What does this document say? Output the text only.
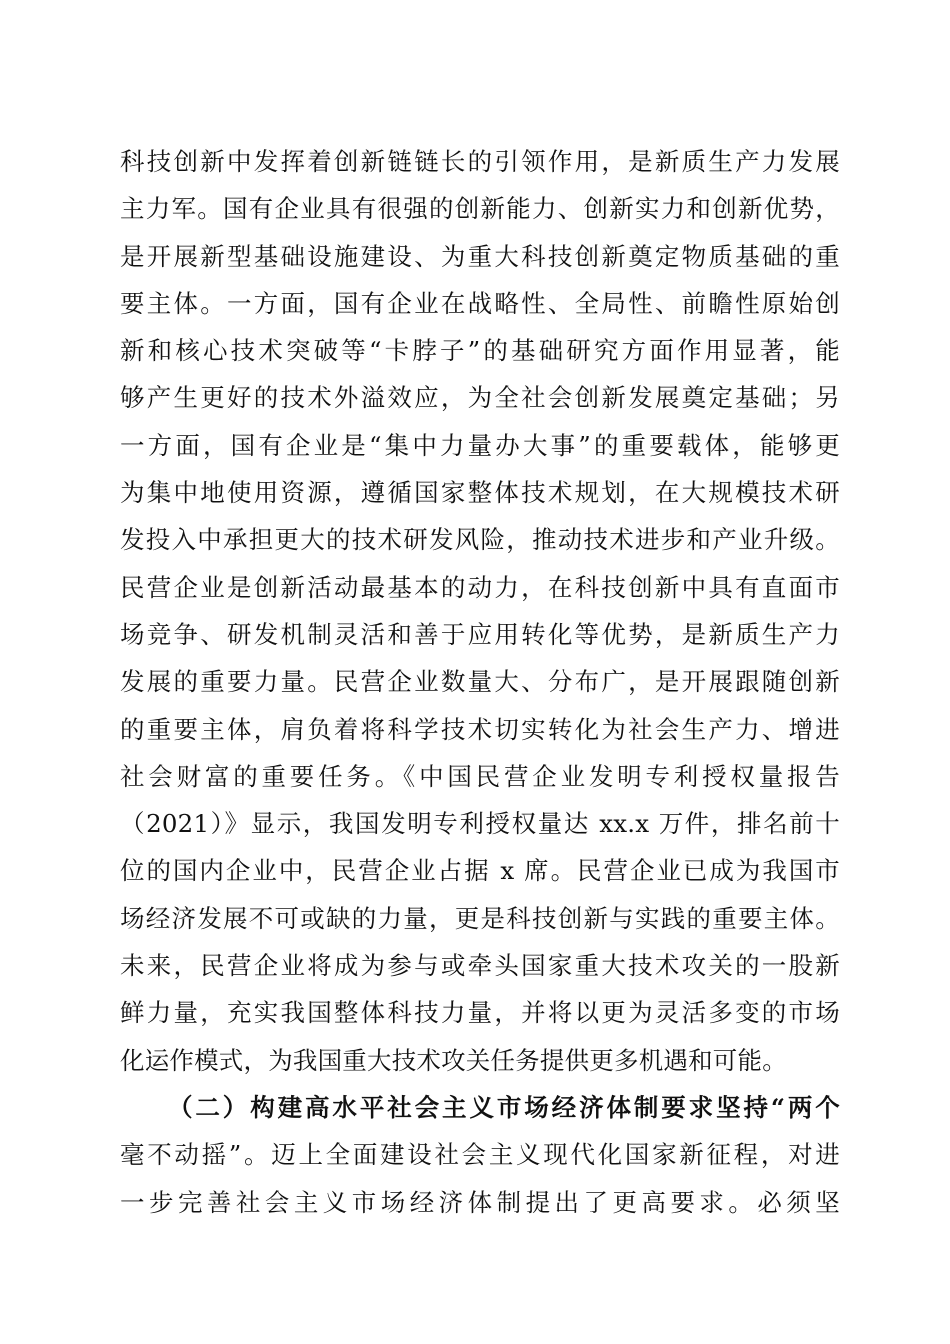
科技创新中发挥着创新链链长的引领作用，是新质生产力发展
主力军。国有企业具有很强的创新能力、创新实力和创新优势，
是开展新型基础设施建设、为重大科技创新奠定物质基础的重
要主体。一方面，国有企业在战略性、全局性、前瞻性原始创
新和核心技术突破等“卡脖子”的基础研究方面作用显著，能
够产生更好的技术外溢效应，为全社会创新发展奠定基础；另
一方面，国有企业是“集中力量办大事”的重要载体，能够更
为集中地使用资源，遵循国家整体技术规划，在大规模技术研
发投入中承担更大的技术研发风险，推动技术进步和产业升级。
民营企业是创新活动最基本的动力，在科技创新中具有直面市
场竞争、研发机制灵活和善于应用转化等优势，是新质生产力
发展的重要力量。民营企业数量大、分布广，是开展跟随创新
的重要主体，肩负着将科学技术切实转化为社会生产力、增进
社会财富的重要任务。《中国民营企业发明专利授权量报告
（2021）》显示，我国发明专利授权量达 xx.x 万件，排名前十
位的国内企业中，民营企业占据 x 席。民营企业已成为我国市
场经济发展不可或缺的力量，更是科技创新与实践的重要主体。
未来，民营企业将成为参与或牵头国家重大技术攻关的一股新
鲜力量，充实我国整体科技力量，并将以更为灵活多变的市场
化运作模式，为我国重大技术攻关任务提供更多机遇和可能。
（二）构建高水平社会主义市场经济体制要求坚持“两个
毫不动摇”。迈上全面建设社会主义现代化国家新征程，对进
一步完善社会主义市场经济体制提出了更高要求。必须坚
